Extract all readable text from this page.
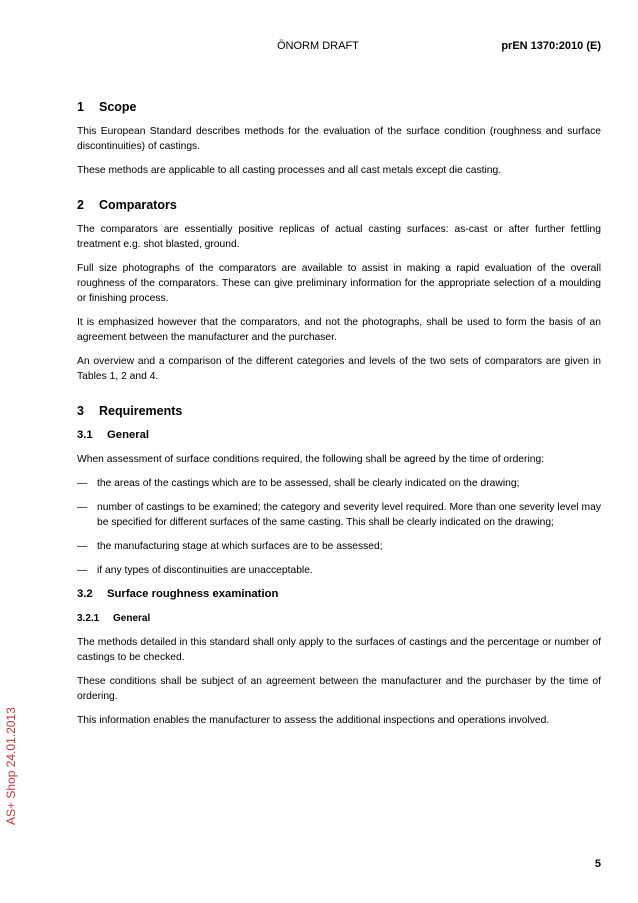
ÖNORM DRAFT	prEN 1370:2010 (E)
1 Scope

This European Standard describes methods for the evaluation of the surface condition (roughness and surface discontinuities) of castings.

These methods are applicable to all casting processes and all cast metals except die casting.

2 Comparators

The comparators are essentially positive replicas of actual casting surfaces: as-cast or after further fettling treatment e.g. shot blasted, ground.

Full size photographs of the comparators are available to assist in making a rapid evaluation of the overall roughness of the comparators. These can give preliminary information for the appropriate selection of a moulding or finishing process.

It is emphasized however that the comparators, and not the photographs, shall be used to form the basis of an agreement between the manufacturer and the purchaser.

An overview and a comparison of the different categories and levels of the two sets of comparators are given in Tables 1, 2 and 4.

3 Requirements
3.1 General

When assessment of surface conditions required, the following shall be agreed by the time of ordering:

— the areas of the castings which are to be assessed, shall be clearly indicated on the drawing;
— number of castings to be examined; the category and severity level required. More than one severity level may be specified for different surfaces of the same casting. This shall be clearly indicated on the drawing;
— the manufacturing stage at which surfaces are to be assessed;
— if any types of discontinuities are unacceptable.
3.2 Surface roughness examination
3.2.1 General

The methods detailed in this standard shall only apply to the surfaces of castings and the percentage or number of castings to be checked.

These conditions shall be subject of an agreement between the manufacturer and the purchaser by the time of ordering.

This information enables the manufacturer to assess the additional inspections and operations involved.

AS+ Shop 24.01.2013
5
